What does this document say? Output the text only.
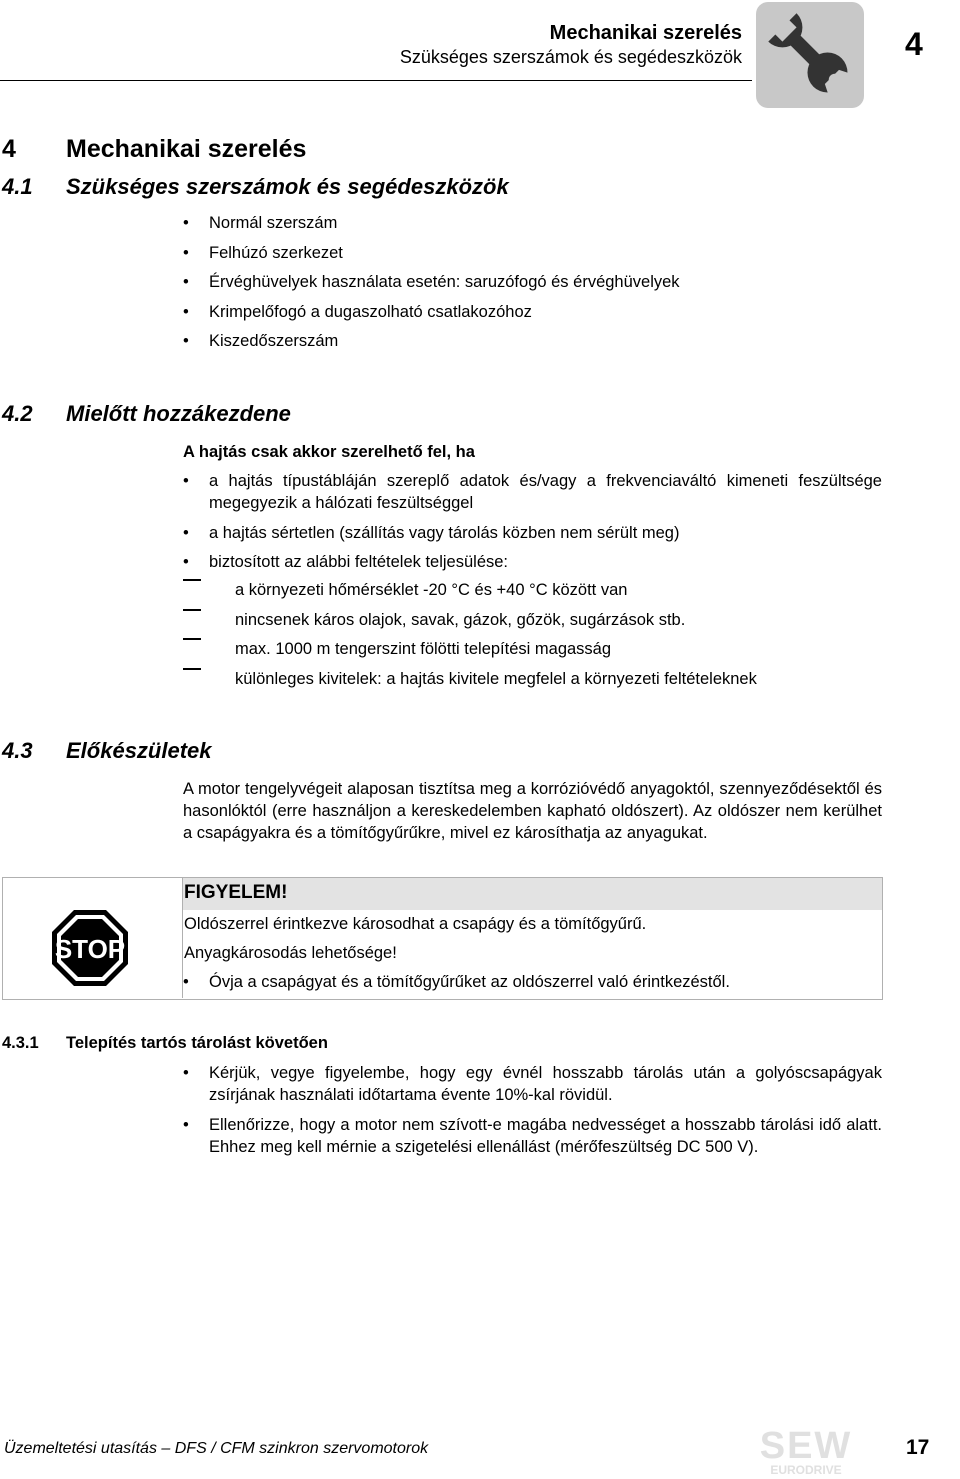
Mechanikai szerelés
Szükséges szerszámok és segédeszközök	4
4 Mechanikai szerelés
4.1 Szükséges szerszámok és segédeszközök
• Normál szerszám
• Felhúzó szerkezet
• Érvéghüvelyek használata esetén: saruzófogó és érvéghüvelyek
• Krimpelőfogó a dugaszolható csatlakozóhoz
• Kiszedőszerszám
4.2 Mielőtt hozzákezdene
A hajtás csak akkor szerelhető fel, ha
• a hajtás típustábláján szereplő adatok és/vagy a frekvenciaváltó kimeneti feszültsége megegyezik a hálózati feszültséggel
• a hajtás sértetlen (szállítás vagy tárolás közben nem sérült meg)
• biztosított az alábbi feltételek teljesülése:
a környezeti hőmérséklet -20 °C és +40 °C között van
nincsenek káros olajok, savak, gázok, gőzök, sugárzások stb.
max. 1000 m tengerszint fölötti telepítési magasság
különleges kivitelek: a hajtás kivitele megfelel a környezeti feltételeknek
4.3 Előkészületek
A motor tengelyvégeit alaposan tisztítsa meg a korrózióvédő anyagoktól, szennyeződésektől és hasonlóktól (erre használjon a kereskedelemben kapható oldószert). Az oldószer nem kerülhet a csapágyakra és a tömítőgyűrűkre, mivel ez károsíthatja az anyagukat.
STOP
FIGYELEM!
Oldószerrel érintkezve károsodhat a csapágy és a tömítőgyűrű.
Anyagkárosodás lehetősége!
• Óvja a csapágyat és a tömítőgyűrűket az oldószerrel való érintkezéstől.
4.3.1 Telepítés tartós tárolást követően
• Kérjük, vegye figyelembe, hogy egy évnél hosszabb tárolás után a golyóscsapágyak zsírjának használati időtartama évente 10%-kal rövidül.
• Ellenőrizze, hogy a motor nem szívott-e magába nedvességet a hosszabb tárolási idő alatt. Ehhez meg kell mérnie a szigetelési ellenállást (mérőfeszültség DC 500 V).
Üzemeltetési utasítás – DFS / CFM szinkron szervomotorok	SEW
EURODRIVE
17
